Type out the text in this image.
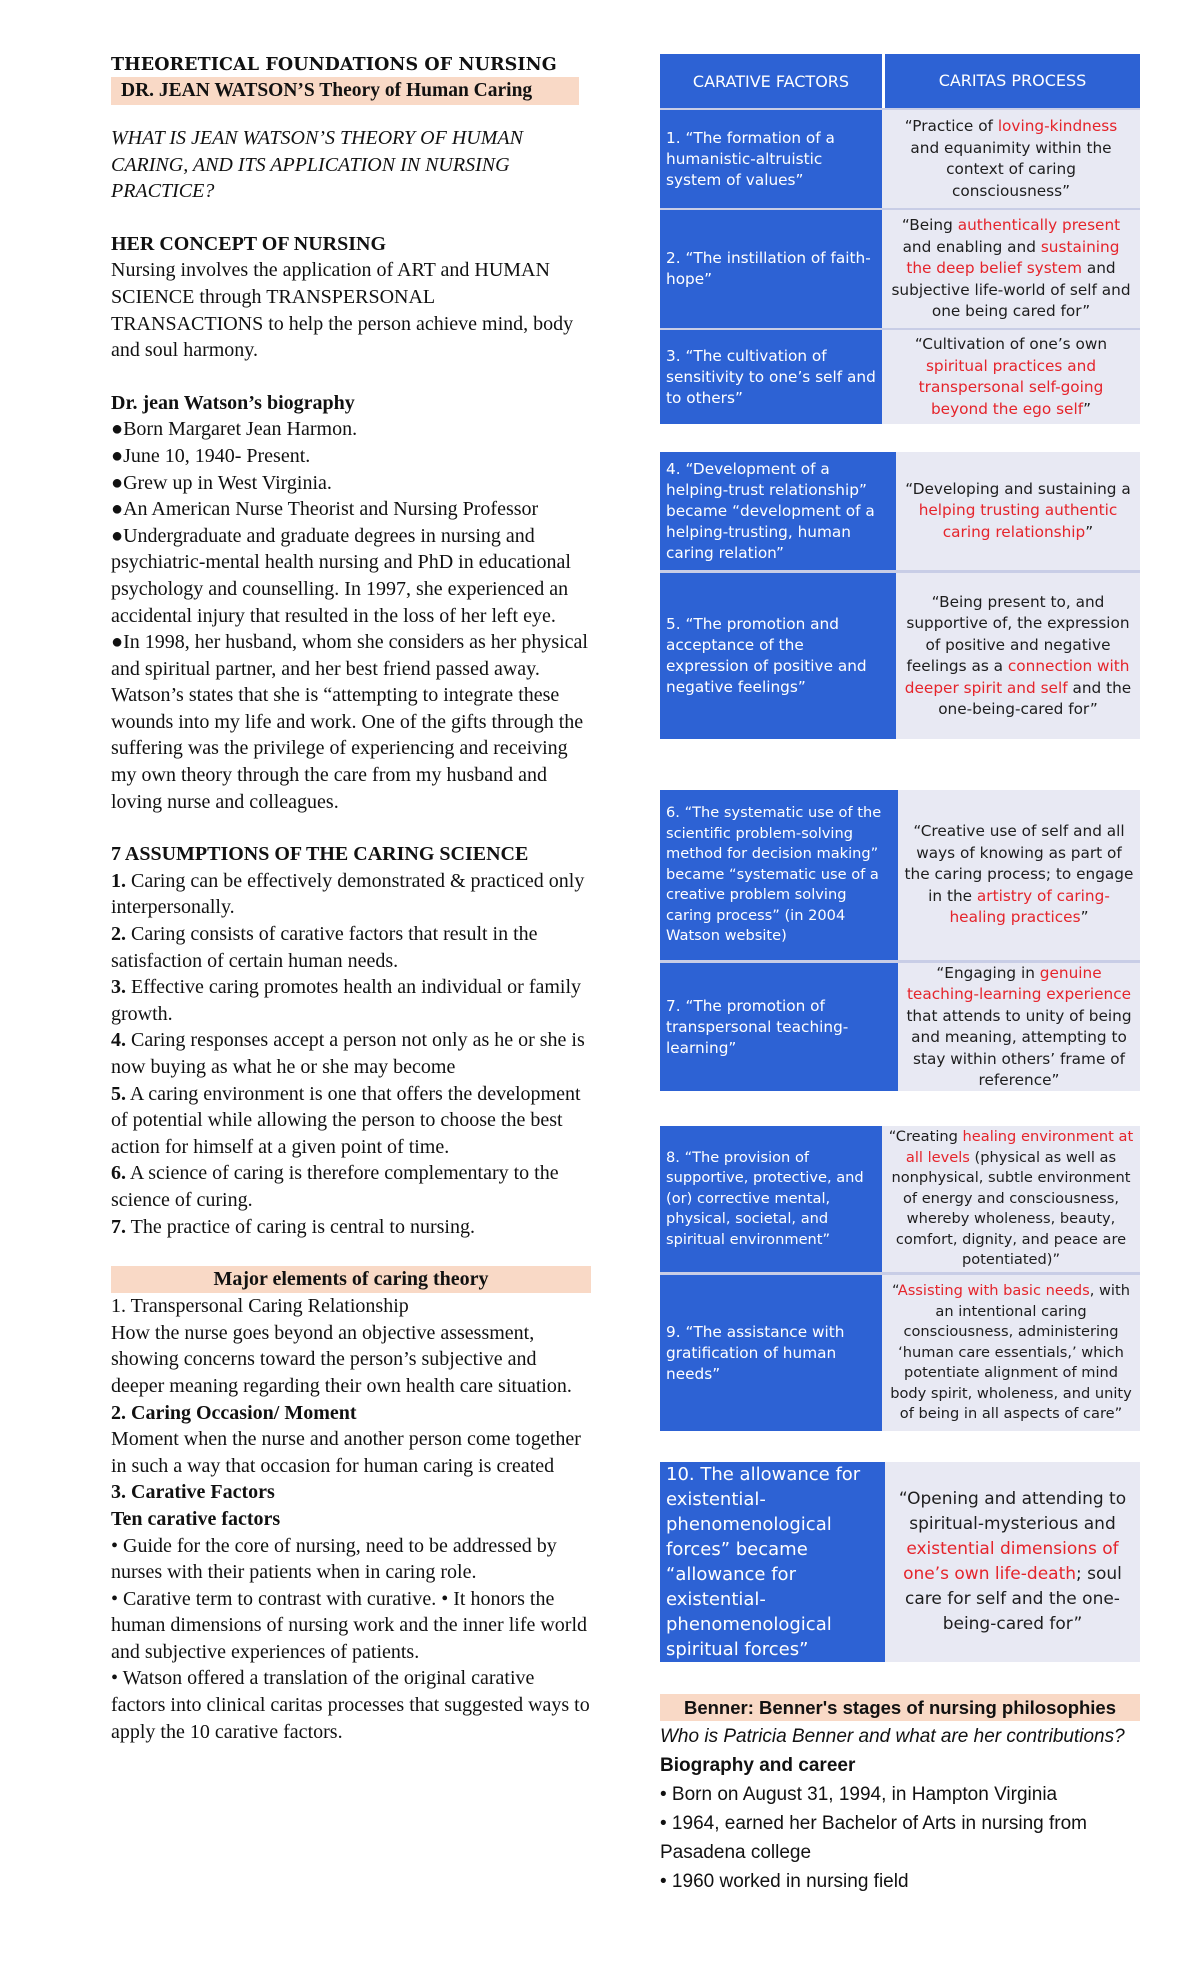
THEORETICAL FOUNDATIONS OF NURSING
DR. JEAN WATSON’S Theory of Human Caring
WHAT IS JEAN WATSON’S THEORY OF HUMAN CARING, AND ITS APPLICATION IN NURSING PRACTICE?
HER CONCEPT OF NURSING
Nursing involves the application of ART and HUMAN SCIENCE through TRANSPERSONAL TRANSACTIONS to help the person achieve mind, body and soul harmony.
Dr. jean Watson’s biography
●Born Margaret Jean Harmon.
●June 10, 1940- Present.
●Grew up in West Virginia.
●An American Nurse Theorist and Nursing Professor
●Undergraduate and graduate degrees in nursing and psychiatric-mental health nursing and PhD in educational psychology and counselling. In 1997, she experienced an accidental injury that resulted in the loss of her left eye.
●In 1998, her husband, whom she considers as her physical and spiritual partner, and her best friend passed away. Watson’s states that she is “attempting to integrate these wounds into my life and work. One of the gifts through the suffering was the privilege of experiencing and receiving my own theory through the care from my husband and loving nurse and colleagues.
7 ASSUMPTIONS OF THE CARING SCIENCE
1. Caring can be effectively demonstrated & practiced only interpersonally.
2. Caring consists of carative factors that result in the satisfaction of certain human needs.
3. Effective caring promotes health an individual or family growth.
4. Caring responses accept a person not only as he or she is now buying as what he or she may become
5. A caring environment is one that offers the development of potential while allowing the person to choose the best action for himself at a given point of time.
6. A science of caring is therefore complementary to the science of curing.
7. The practice of caring is central to nursing.
Major elements of caring theory
1. Transpersonal Caring Relationship
How the nurse goes beyond an objective assessment, showing concerns toward the person’s subjective and deeper meaning regarding their own health care situation.
2. Caring Occasion/ Moment
Moment when the nurse and another person come together in such a way that occasion for human caring is created
3. Carative Factors
Ten carative factors
• Guide for the core of nursing, need to be addressed by nurses with their patients when in caring role.
• Carative term to contrast with curative. • It honors the human dimensions of nursing work and the inner life world and subjective experiences of patients.
• Watson offered a translation of the original carative factors into clinical caritas processes that suggested ways to apply the 10 carative factors.
CARATIVE FACTORS	CARITAS PROCESS
1. “The formation of a humanistic-altruistic system of values”
“Practice of loving-kindness and equanimity within the context of caring consciousness”
2. “The instillation of faith-hope”
“Being authentically present and enabling and sustaining the deep belief system and subjective life-world of self and one being cared for”
3. “The cultivation of sensitivity to one’s self and to others”
“Cultivation of one’s own spiritual practices and transpersonal self-going beyond the ego self”
4. “Development of a helping-trust relationship” became “development of a helping-trusting, human caring relation”
“Developing and sustaining a helping trusting authentic caring relationship”
5. “The promotion and acceptance of the expression of positive and negative feelings”
“Being present to, and supportive of, the expression of positive and negative feelings as a connection with deeper spirit and self and the one-being-cared for”
6. “The systematic use of the scientific problem-solving method for decision making” became “systematic use of a creative problem solving caring process” (in 2004 Watson website)
“Creative use of self and all ways of knowing as part of the caring process; to engage in the artistry of caring-healing practices”
7. “The promotion of transpersonal teaching-learning”
“Engaging in genuine teaching-learning experience that attends to unity of being and meaning, attempting to stay within others’ frame of reference”
8. “The provision of supportive, protective, and (or) corrective mental, physical, societal, and spiritual environment”
“Creating healing environment at all levels (physical as well as nonphysical, subtle environment of energy and consciousness, whereby wholeness, beauty, comfort, dignity, and peace are potentiated)”
9. “The assistance with gratification of human needs”
“Assisting with basic needs, with an intentional caring consciousness, administering ‘human care essentials,’ which potentiate alignment of mind body spirit, wholeness, and unity of being in all aspects of care”
10. The allowance for existential-phenomenological forces” became “allowance for existential-phenomenological spiritual forces”
“Opening and attending to spiritual-mysterious and existential dimensions of one’s own life-death; soul care for self and the one-being-cared for”
Benner: Benner's stages of nursing philosophies
Who is Patricia Benner and what are her contributions?
Biography and career
• Born on August 31, 1994, in Hampton Virginia
• 1964, earned her Bachelor of Arts in nursing from Pasadena college
• 1960 worked in nursing field
